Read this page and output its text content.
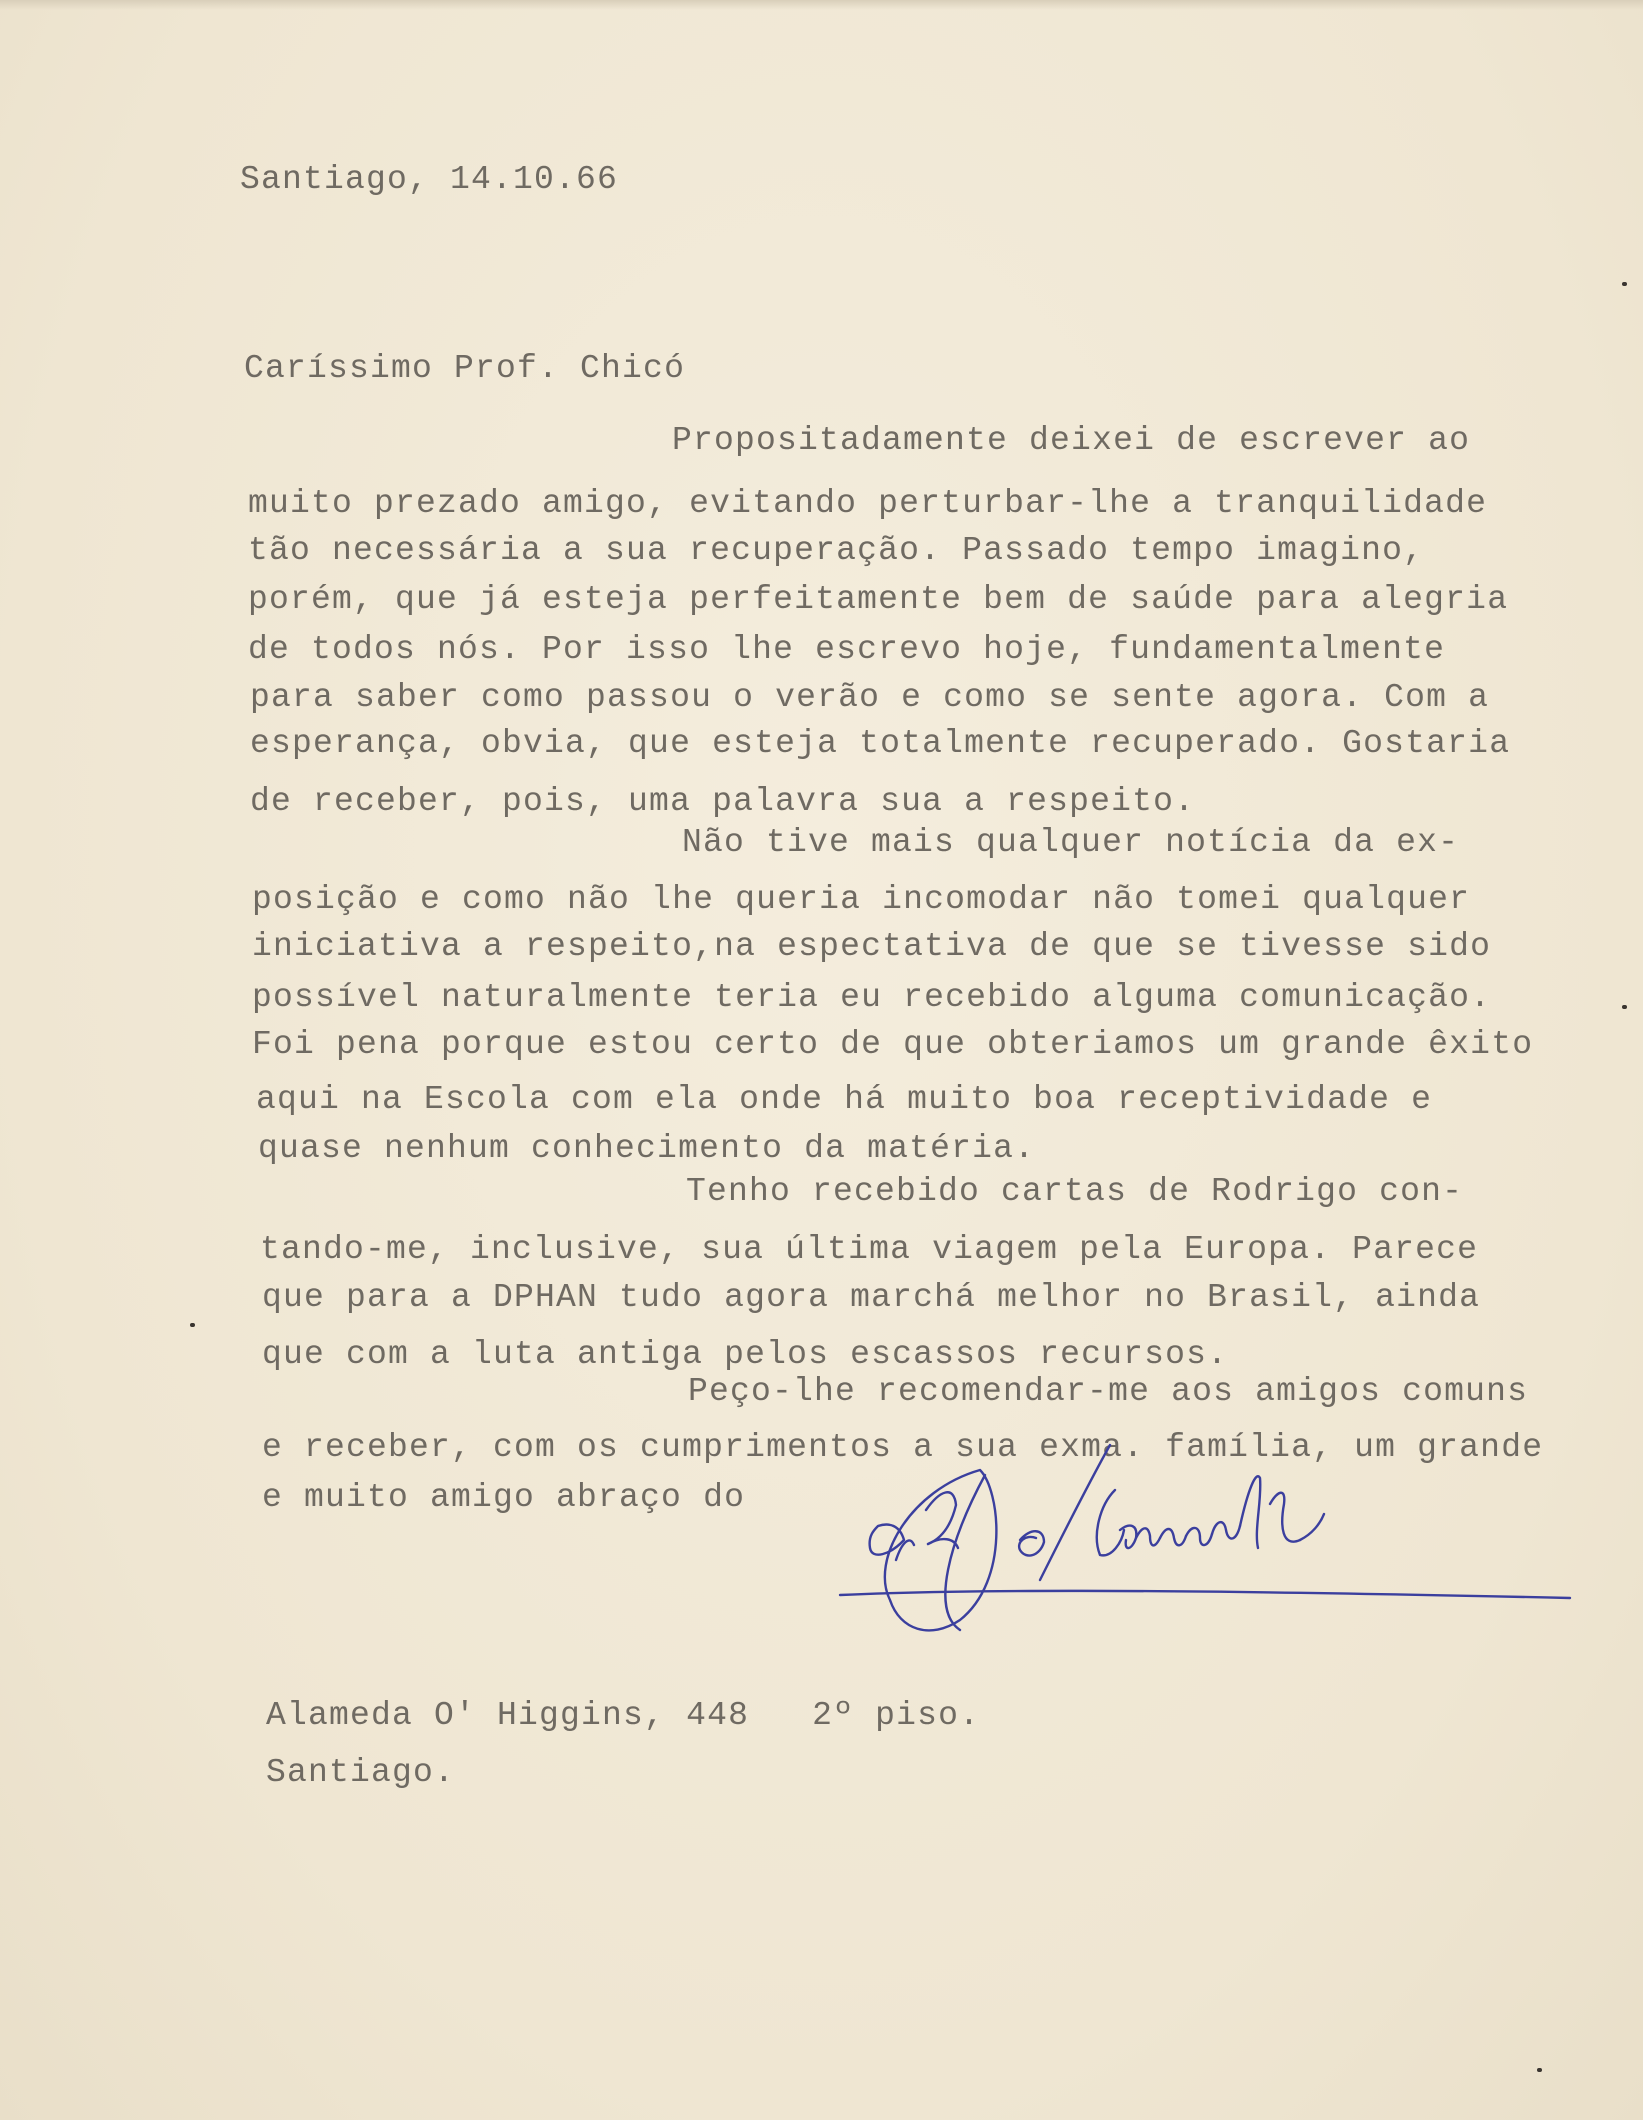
Santiago, 14.10.66
Caríssimo Prof. Chicó
Propositadamente deixei de escrever ao
muito prezado amigo, evitando perturbar-lhe a tranquilidade
tão necessária a sua recuperação. Passado tempo imagino,
porém, que já esteja perfeitamente bem de saúde para alegria
de todos nós. Por isso lhe escrevo hoje, fundamentalmente
para saber como passou o verão e como se sente agora. Com a
esperança, obvia, que esteja totalmente recuperado. Gostaria
de receber, pois, uma palavra sua a respeito.
Não tive mais qualquer notícia da ex-
posição e como não lhe queria incomodar não tomei qualquer
iniciativa a respeito,na espectativa de que se tivesse sido
possível naturalmente teria eu recebido alguma comunicação.
Foi pena porque estou certo de que obteriamos um grande êxito
aqui na Escola com ela onde há muito boa receptividade e
quase nenhum conhecimento da matéria.
Tenho recebido cartas de Rodrigo con-
tando-me, inclusive, sua última viagem pela Europa. Parece
que para a DPHAN tudo agora marchá melhor no Brasil, ainda
que com a luta antiga pelos escassos recursos.
Peço-lhe recomendar-me aos amigos comuns
e receber, com os cumprimentos a sua exma. família, um grande
e muito amigo abraço do
Alameda O' Higgins, 448   2º piso.
Santiago.
